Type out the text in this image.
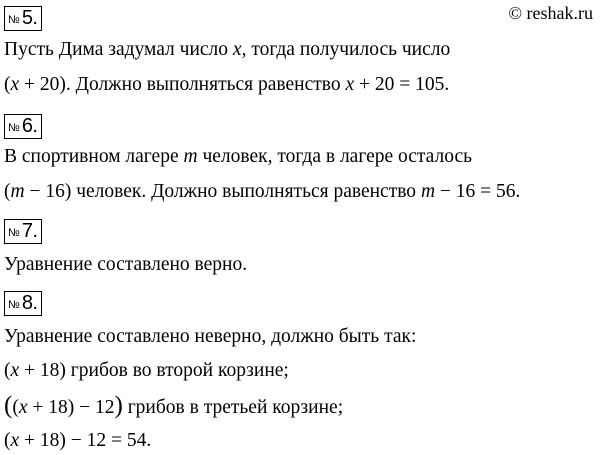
© reshak.ru
№ 5.
Пусть Дима задумал число x, тогда получилось число
(x + 20). Должно выполняться равенство x + 20 = 105.
№ 6.
В спортивном лагере m человек, тогда в лагере осталось
(m − 16) человек. Должно выполняться равенство m − 16 = 56.
№ 7.
Уравнение составлено верно.
№ 8.
Уравнение составлено неверно, должно быть так:
(x + 18) грибов во второй корзине;
((x + 18) − 12) грибов в третьей корзине;
(x + 18) − 12 = 54.
